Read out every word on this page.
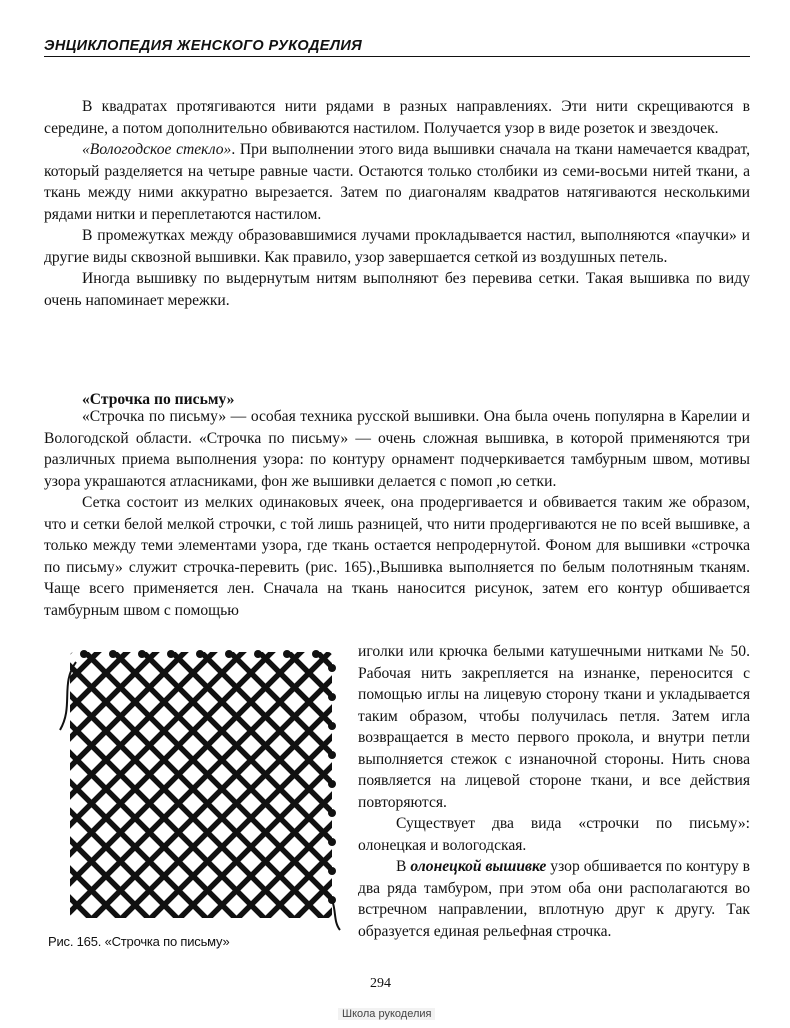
ЭНЦИКЛОПЕДИЯ ЖЕНСКОГО РУКОДЕЛИЯ

В квадратах протягиваются нити рядами в разных направлениях. Эти нити скрещиваются в середине, а потом дополнительно обвиваются настилом. Получается узор в виде розеток и звездочек.

«Вологодское стекло». При выполнении этого вида вышивки сначала на ткани намечается квадрат, который разделяется на четыре равные части. Остаются только столбики из семи-восьми нитей ткани, а ткань между ними аккуратно вырезается. Затем по диагоналям квадратов натягиваются несколькими рядами нитки и переплетаются настилом.

В промежутках между образовавшимися лучами прокладывается настил, выполняются «паучки» и другие виды сквозной вышивки. Как правило, узор завершается сеткой из воздушных петель.

Иногда вышивку по выдернутым нитям выполняют без перевива сетки. Такая вышивка по виду очень напоминает мережки.

«Строчка по письму»

«Строчка по письму» — особая техника русской вышивки. Она была очень популярна в Карелии и Вологодской области. «Строчка по письму» — очень сложная вышивка, в которой применяются три различных приема выполнения узора: по контуру орнамент подчеркивается тамбурным швом, мотивы узора украшаются атласниками, фон же вышивки делается с помоп ,ю сетки.

Сетка состоит из мелких одинаковых ячеек, она продергивается и обвивается таким же образом, что и сетки белой мелкой строчки, с той лишь разницей, что нити продергиваются не по всей вышивке, а только между теми элементами узора, где ткань остается непродернутой. Фоном для вышивки «строчка по письму» служит строчка-перевить (рис. 165).,Вышивка выполняется по белым полотняным тканям. Чаще всего применяется лен. Сначала на ткань наносится рисунок, затем его контур обшивается тамбурным швом с помощью

Рис. 165. «Строчка по письму»

иголки или крючка белыми катушечными нитками № 50. Рабочая нить закрепляется на изнанке, переносится с помощью иглы на лицевую сторону ткани и укладывается таким образом, чтобы получилась петля. Затем игла возвращается в место первого прокола, и внутри петли выполняется стежок с изнаночной стороны. Нить снова появляется на лицевой стороне ткани, и все действия повторяются.

Существует два вида «строчки по письму»: олонецкая и вологодская.

В олонецкой вышивке узор обшивается по контуру в два ряда тамбуром, при этом оба они располагаются во встречном направлении, вплотную друг к другу. Так образуется единая рельефная строчка.

294
Школа рукоделия
